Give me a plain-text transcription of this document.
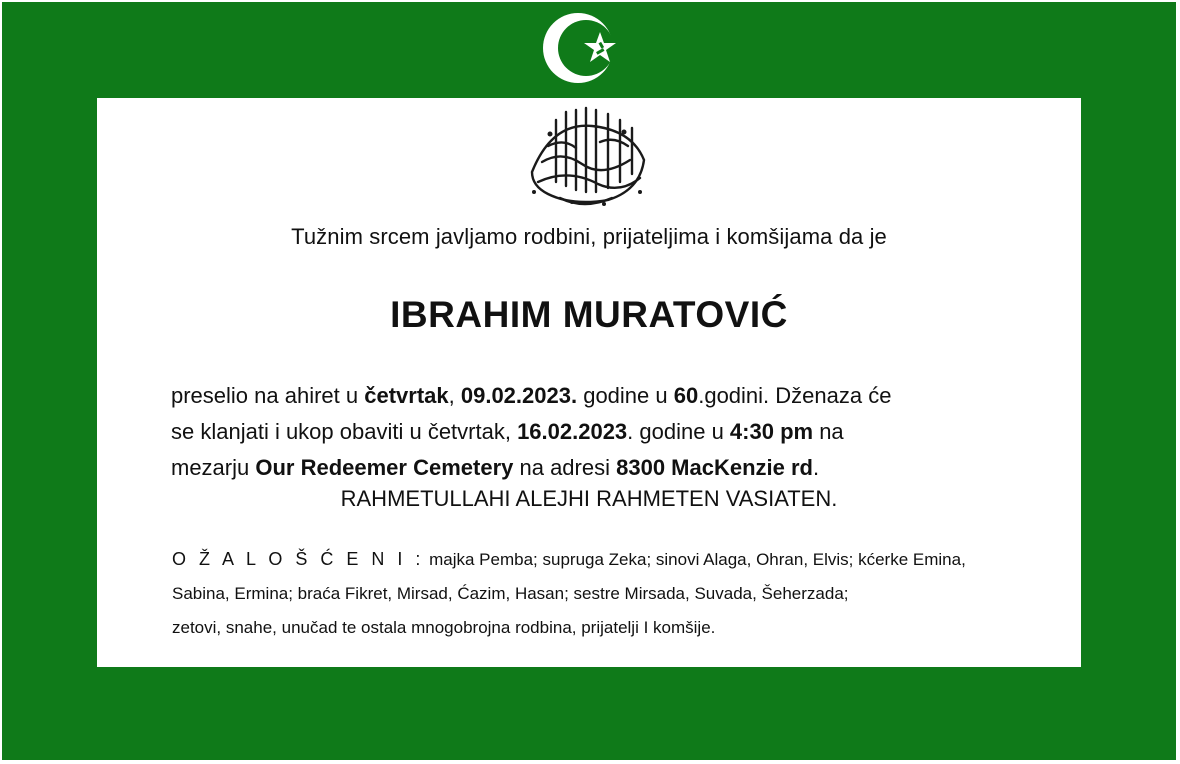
Tužnim srcem javljamo rodbini, prijateljima i komšijama da je
IBRAHIM MURATOVIĆ
preselio na ahiret u četvrtak, 09.02.2023. godine u 60.godini. Dženaza će
se klanjati i ukop obaviti u četvrtak, 16.02.2023. godine u 4:30 pm na
mezarju Our Redeemer Cemetery na adresi 8300 MacKenzie rd.
RAHMETULLAHI ALEJHI RAHMETEN VASIATEN.
O Ž A L O Š Ć E N I : majka Pemba; supruga Zeka; sinovi Alaga, Ohran, Elvis; kćerke Emina,
Sabina, Ermina; braća Fikret, Mirsad, Ćazim, Hasan; sestre Mirsada, Suvada, Šeherzada;
zetovi, snahe, unučad te ostala mnogobrojna rodbina, prijatelji I komšije.
